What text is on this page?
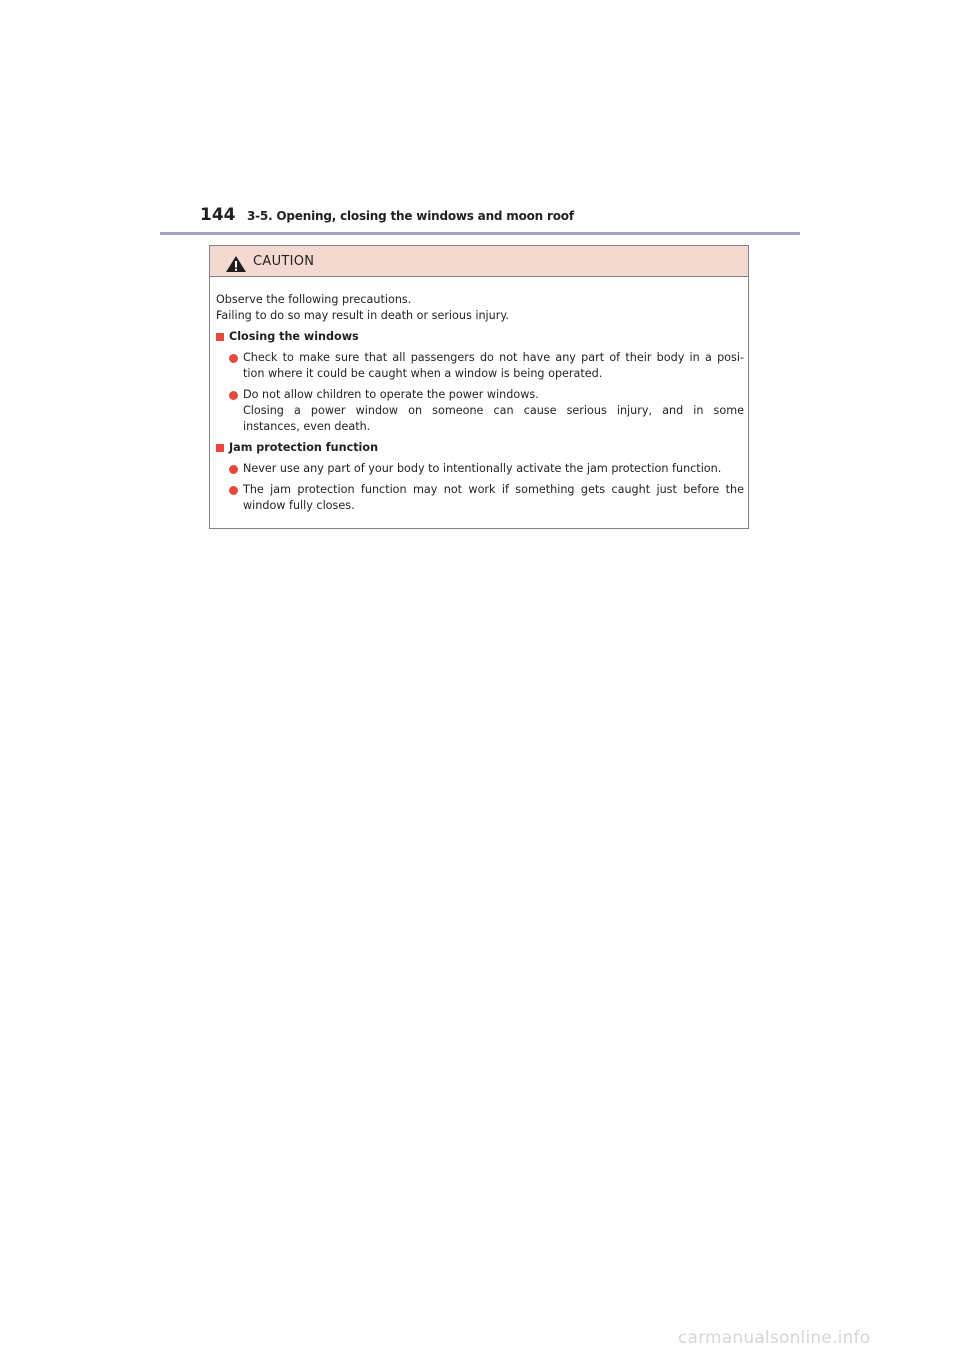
144 3-5. Opening, closing the windows and moon roof
CAUTION
Observe the following precautions.
Failing to do so may result in death or serious injury.
Closing the windows
Check to make sure that all passengers do not have any part of their body in a posi-
tion where it could be caught when a window is being operated.
Do not allow children to operate the power windows.
Closing a power window on someone can cause serious injury, and in some
instances, even death.
Jam protection function
Never use any part of your body to intentionally activate the jam protection function.
The jam protection function may not work if something gets caught just before the
window fully closes.
carmanualsonline.info
